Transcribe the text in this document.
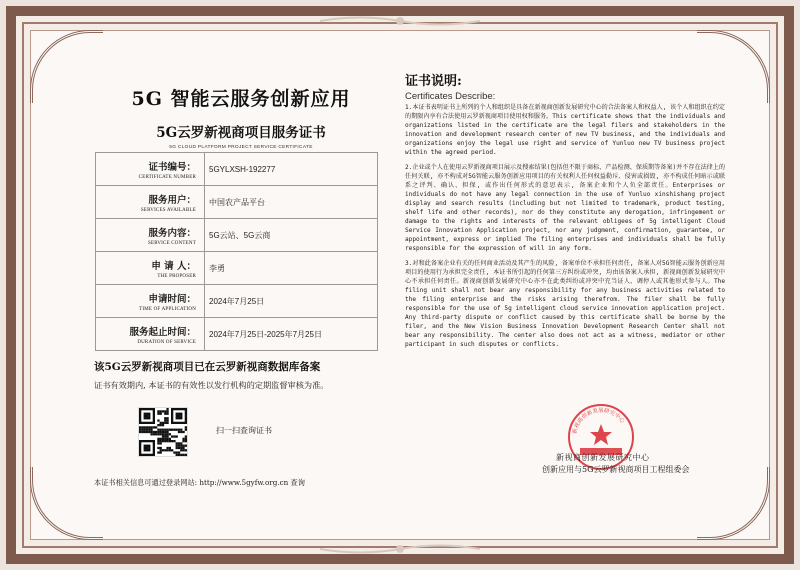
5G 智能云服务创新应用
5G云罗新视商项目服务证书
5G CLOUD PLATFORM PROJECT SERVICE CERTIFICATE
证书编号：
CERTIFICATE NUMBER	5GYLXSH-192277

服务用户：
SERVICES AVAILABLE	中国农产品平台

服务内容：
SERVICE CONTENT	5G云站、5G云商

申 请 人：
THE PROPOSER	李勇

申请时间：
TIME OF APPLICATION	2024年7月25日

服务起止时间：
DURATION OF SERVICE	2024年7月25日-2025年7月25日
该5G云罗新视商项目已在云罗新视商数据库备案
证书有效期内, 本证书的有效性以发行机构的定期监督审核为准。
扫一扫查询证书
本证书相关信息可通过登录网站: http://www.5gyfw.org.cn 查询
证书说明:
Certificates Describe:

1.本证书表明证书上所列的个人和组织是具备在新视商创新发展研究中心的合法备案人和权益人, 该个人和组织在约定的期限内享有合法使用云罗新视商项目使用权和服务。This certificate shows that the individuals and organizations listed in the certificate are the legal filers and stakeholders in the innovation and development research center of new TV business, and the individuals and organizations enjoy the legal use right and service of Yunluo new TV business project within the agreed period.

2.企业或个人在使用云罗新视商项目展示及搜索结果(包括但不限于商标、产品检测、保质期等备案)并不存在法律上的任何关联, 亦不构成对5G智能云服务创新应用项目的有关权利人任何权益勒斥、侵害或损毁, 亦不构成任何暗示或联系之评判、确认、担保, 或作出任何形式的意思表示, 备案企业和个人负全部责任。Enterprises or individuals do not have any legal connection in the use of Yunluo xinshishang project display and search results (including but not limited to trademark, product testing, shelf life and other records), nor do they constitute any derogation, infringement or damage to the rights and interests of the relevant obligees of 5g intelligent Cloud Service Innovation Application project, nor any judgment, confirmation, guarantee, or appointment, express or implied The filing enterprises and individuals shall be fully responsible for the expression of will in any form.

3.对和此备案企业有关的任何商业活动及其产生的风险, 备案单位不承担任何责任, 备案人对5G智能云服务创新应用项目的使用行为承担完全责任, 本证书所引起的任何第三方纠纷或冲突, 均由该备案人承担, 新视商创新发展研究中心不承担任何责任。新视商创新发展研究中心亦不在此类纠纷或冲突中充当证人、调停人或其他形式参与人。The filing unit shall not bear any responsibility for any business activities related to the filing enterprise and the risks arising therefrom. The filer shall be fully responsible for the use of 5g intelligent cloud service innovation application project. Any third-party dispute or conflict caused by this certificate shall be borne by the filer, and the New Vision Business Innovation Development Research Center shall not bear any responsibility. The center also does not act as a witness, mediator or other participant in such disputes or conflicts.

新视商创新发展研究中心
新视商创新发展研究中心
创新应用与5G云罗新视商项目工程组委会
